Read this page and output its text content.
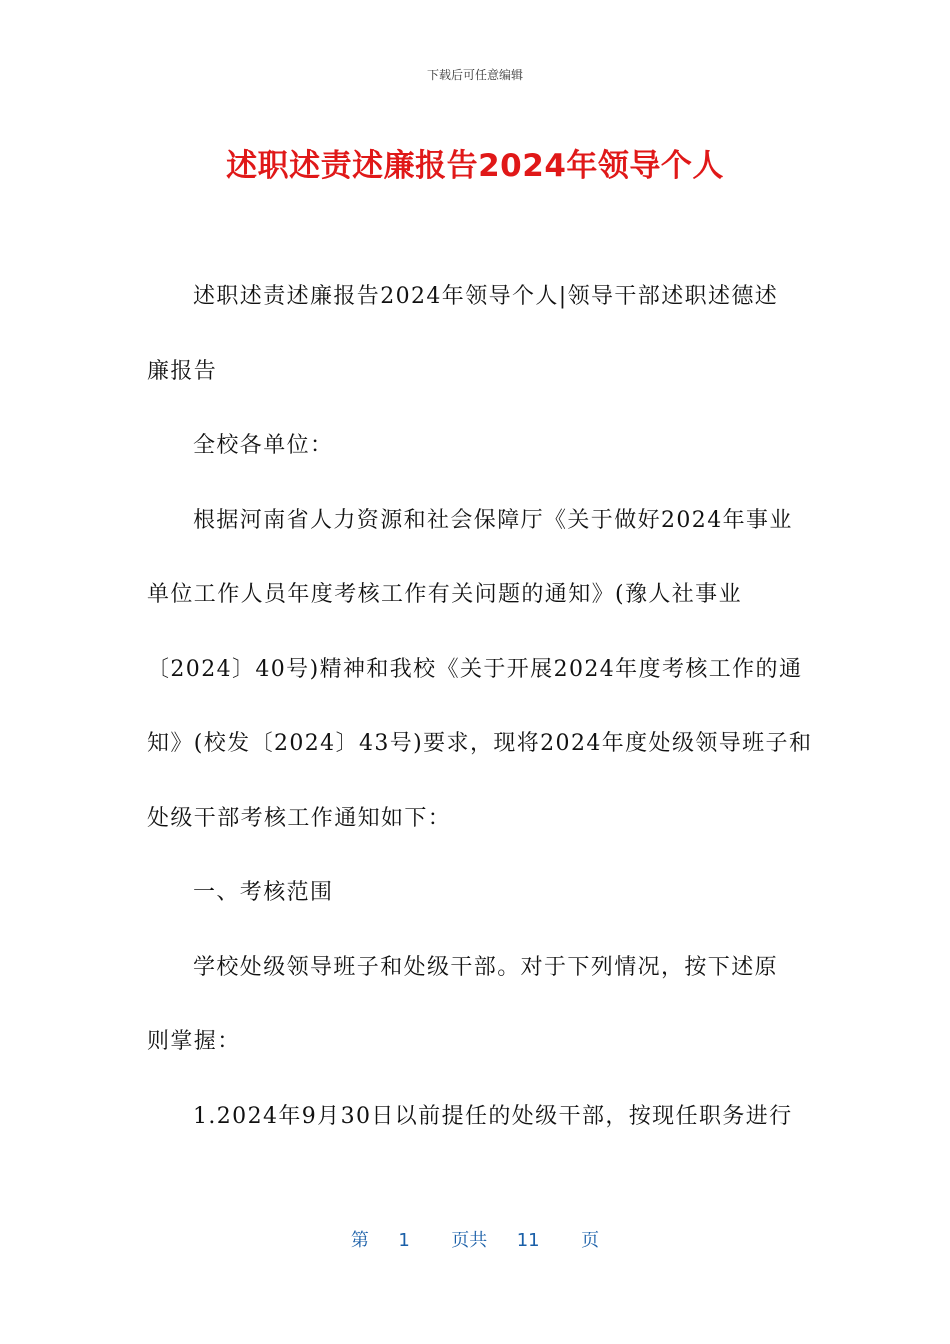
下载后可任意编辑
述职述责述廉报告2024年领导个人
述职述责述廉报告2024年领导个人|领导干部述职述德述
廉报告
全校各单位：
根据河南省人力资源和社会保障厅《关于做好2024年事业
单位工作人员年度考核工作有关问题的通知》(豫人社事业
〔2024〕40号)精神和我校《关于开展2024年度考核工作的通
知》(校发〔2024〕43号)要求，现将2024年度处级领导班子和
处级干部考核工作通知如下：
一、考核范围
学校处级领导班子和处级干部。对于下列情况，按下述原
则掌握：
1.2024年9月30日以前提任的处级干部，按现任职务进行
第 1 页共 11 页
